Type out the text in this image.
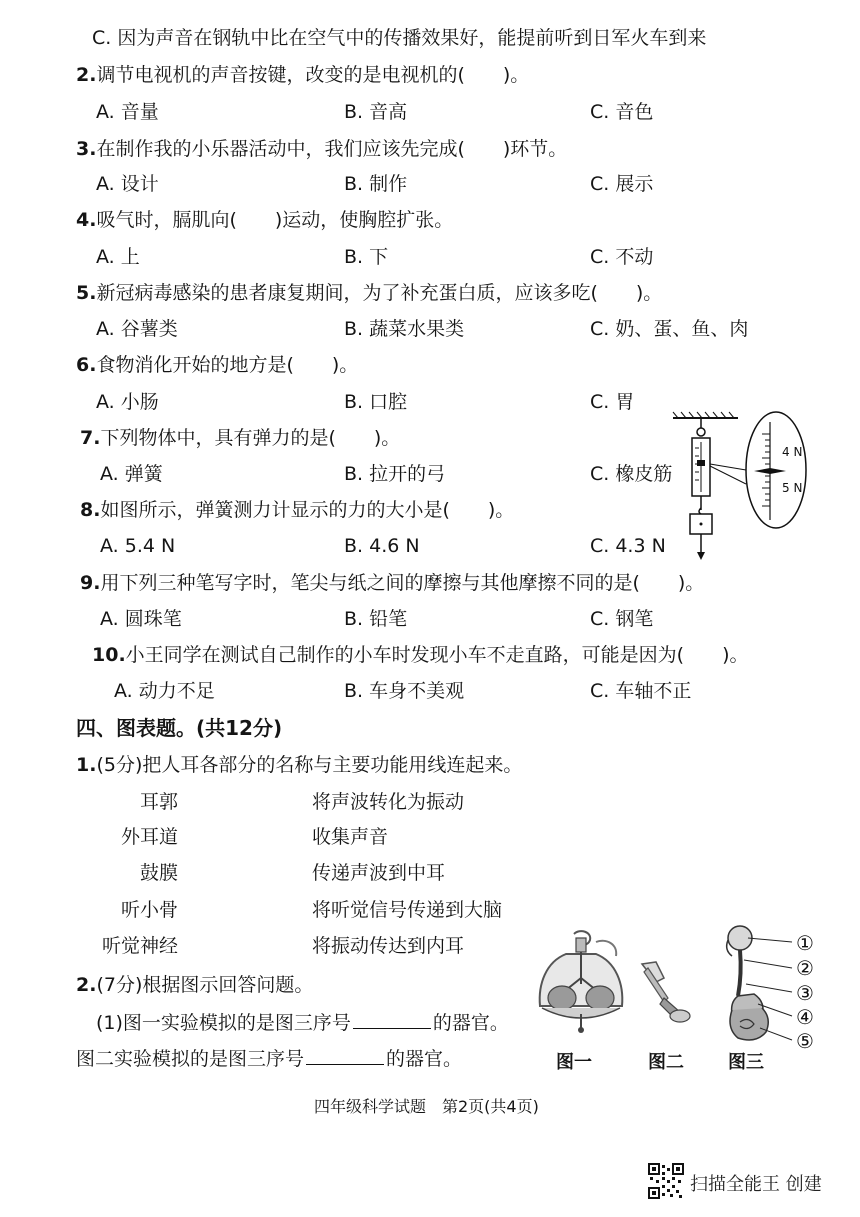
C. 因为声音在钢轨中比在空气中的传播效果好，能提前听到日军火车到来
2.调节电视机的声音按键，改变的是电视机的(　　)。
A. 音量	B. 音高	C. 音色
3.在制作我的小乐器活动中，我们应该先完成(　　)环节。
A. 设计	B. 制作	C. 展示
4.吸气时，膈肌向(　　)运动，使胸腔扩张。
A. 上	B. 下	C. 不动
5.新冠病毒感染的患者康复期间，为了补充蛋白质，应该多吃(　　)。
A. 谷薯类	B. 蔬菜水果类	C. 奶、蛋、鱼、肉
6.食物消化开始的地方是(　　)。
A. 小肠	B. 口腔	C. 胃
7.下列物体中，具有弹力的是(　　)。
A. 弹簧	B. 拉开的弓	C. 橡皮筋
8.如图所示，弹簧测力计显示的力的大小是(　　)。
A. 5.4 N	B. 4.6 N	C. 4.3 N
4 N
5 N
9.用下列三种笔写字时，笔尖与纸之间的摩擦与其他摩擦不同的是(　　)。
A. 圆珠笔	B. 铅笔	C. 钢笔
10.小王同学在测试自己制作的小车时发现小车不走直路，可能是因为(　　)。
A. 动力不足	B. 车身不美观	C. 车轴不正
四、图表题。(共12分)
1.(5分)把人耳各部分的名称与主要功能用线连起来。
耳郭
外耳道
鼓膜
听小骨
听觉神经
将声波转化为振动
收集声音
传递声波到中耳
将听觉信号传递到大脑
将振动传达到内耳
2.(7分)根据图示回答问题。
(1)图一实验模拟的是图三序号	的器官。
图二实验模拟的是图三序号	的器官。
①
②
③
④
⑤
图一	图二 图三
四年级科学试题　第2页(共4页)
扫描全能王 创建
